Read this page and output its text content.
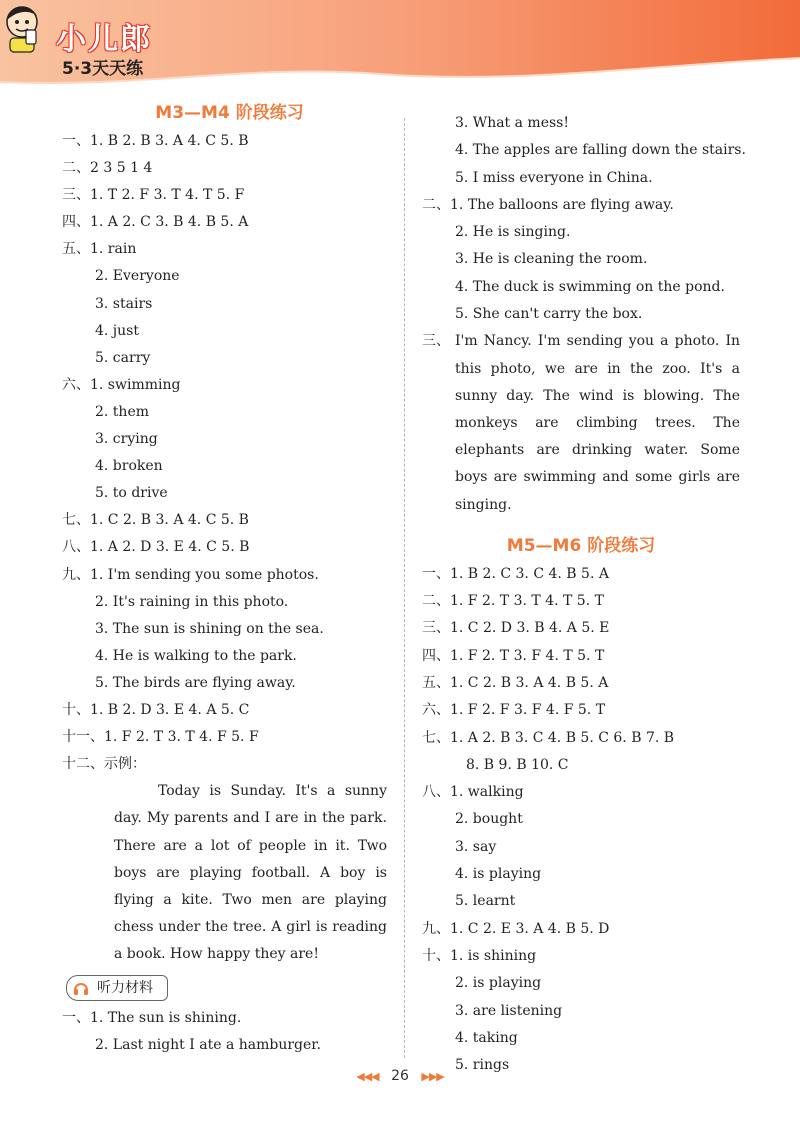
小儿郎
5·3天天练
M3—M4 阶段练习
一、1. B 2. B 3. A 4. C 5. B
二、2 3 5 1 4
三、1. T 2. F 3. T 4. T 5. F
四、1. A 2. C 3. B 4. B 5. A
五、1. rain
2. Everyone
3. stairs
4. just
5. carry
六、1. swimming
2. them
3. crying
4. broken
5. to drive
七、1. C 2. B 3. A 4. C 5. B
八、1. A 2. D 3. E 4. C 5. B
九、1. I'm sending you some photos.
2. It's raining in this photo.
3. The sun is shining on the sea.
4. He is walking to the park.
5. The birds are flying away.
十、1. B 2. D 3. E 4. A 5. C
十一、1. F 2. T 3. T 4. F 5. F
十二、示例：
Today is Sunday. It's a sunny day. My parents and I are in the park. There are a lot of people in it. Two boys are playing football. A boy is flying a kite. Two men are playing chess under the tree. A girl is reading a book. How happy they are!
听力材料
一、1. The sun is shining.
2. Last night I ate a hamburger.
3. What a mess!
4. The apples are falling down the stairs.
5. I miss everyone in China.
二、1. The balloons are flying away.
2. He is singing.
3. He is cleaning the room.
4. The duck is swimming on the pond.
5. She can't carry the box.
三、 I'm Nancy. I'm sending you a photo. In this photo, we are in the zoo. It's a sunny day. The wind is blowing. The monkeys are climbing trees. The elephants are drinking water. Some boys are swimming and some girls are singing.
M5—M6 阶段练习
一、1. B 2. C 3. C 4. B 5. A
二、1. F 2. T 3. T 4. T 5. T
三、1. C 2. D 3. B 4. A 5. E
四、1. F 2. T 3. F 4. T 5. T
五、1. C 2. B 3. A 4. B 5. A
六、1. F 2. F 3. F 4. F 5. T
七、1. A 2. B 3. C 4. B 5. C 6. B 7. B
8. B 9. B 10. C
八、1. walking
2. bought
3. say
4. is playing
5. learnt
九、1. C 2. E 3. A 4. B 5. D
十、1. is shining
2. is playing
3. are listening
4. taking
5. rings
◀◀◀ 26 ▶▶▶
